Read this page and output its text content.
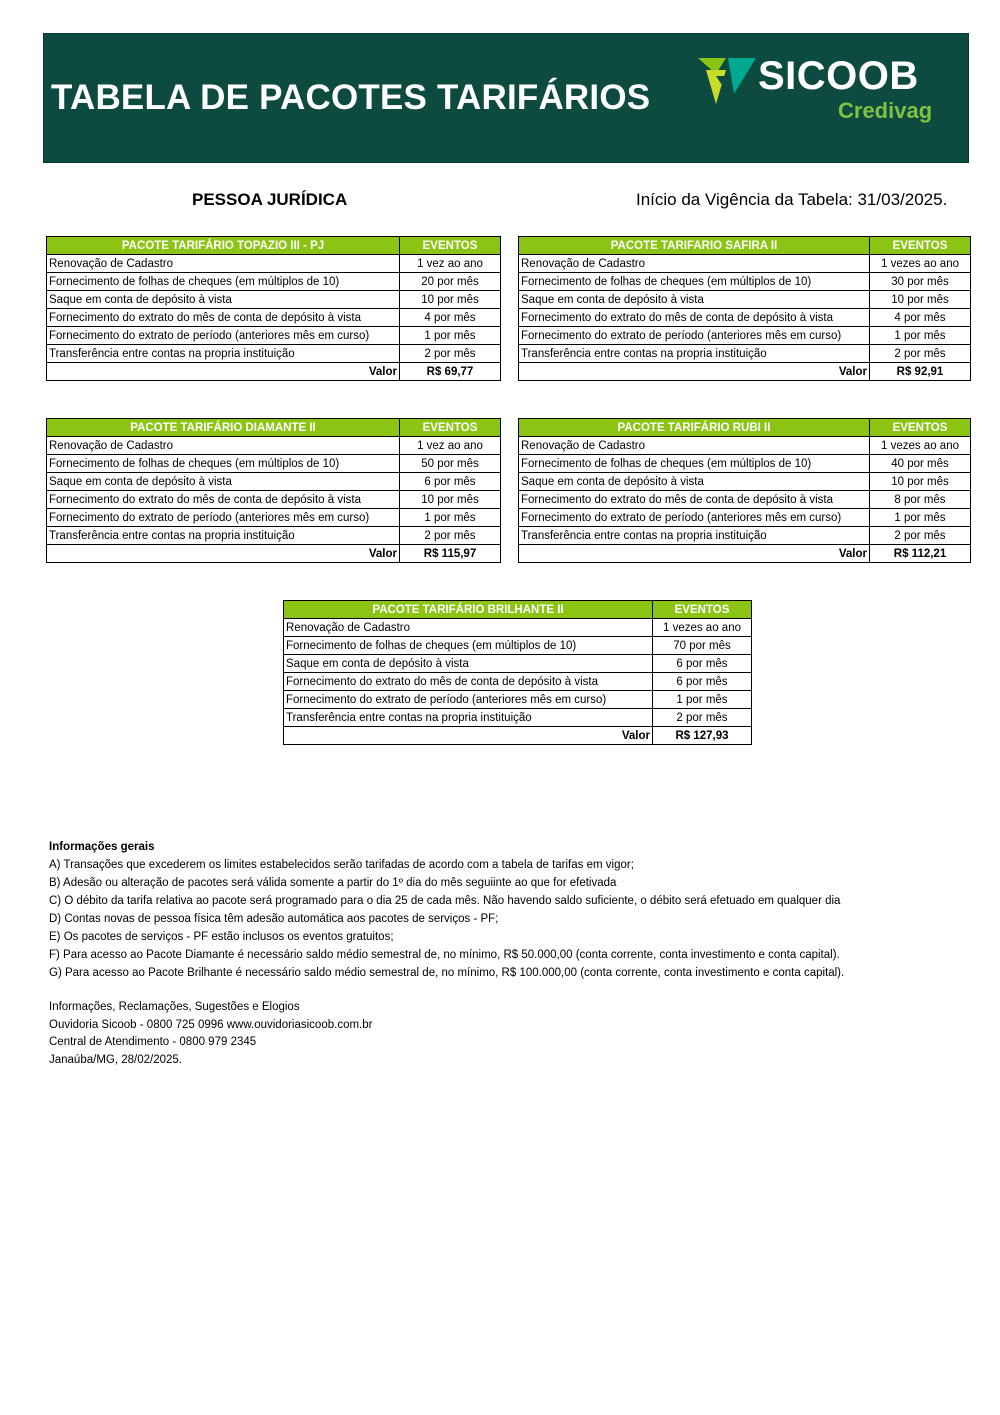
TABELA DE PACOTES TARIFÁRIOS	SICOOB
Credivag
PESSOA JURÍDICA	Início da Vigência da Tabela: 31/03/2025.
PACOTE TARIFÁRIO TOPAZIO III - PJ	EVENTOS
Renovação de Cadastro	1 vez ao ano
Fornecimento de folhas de cheques (em múltiplos de 10)	20 por mês
Saque em conta de depósito à vista	10 por mês
Fornecimento do extrato do mês de conta de depósito à vista	4 por mês
Fornecimento do extrato de período (anteriores mês em curso)	1 por mês
Transferência entre contas na propria instituição	2 por mês
Valor	R$ 69,77
PACOTE TARIFARIO SAFIRA II	EVENTOS
Renovação de Cadastro	1 vezes ao ano
Fornecimento de folhas de cheques (em múltiplos de 10)	30 por mês
Saque em conta de depósito à vista	10 por mês
Fornecimento do extrato do mês de conta de depósito à vista	4 por mês
Fornecimento do extrato de período (anteriores mês em curso)	1 por mês
Transferência entre contas na propria instituição	2 por mês
Valor	R$ 92,91
PACOTE TARIFÁRIO DIAMANTE II	EVENTOS
Renovação de Cadastro	1 vez ao ano
Fornecimento de folhas de cheques (em múltiplos de 10)	50 por mês
Saque em conta de depósito à vista	6 por mês
Fornecimento do extrato do mês de conta de depósito à vista	10 por mês
Fornecimento do extrato de período (anteriores mês em curso)	1 por mês
Transferência entre contas na propria instituição	2 por mês
Valor	R$ 115,97
PACOTE TARIFÁRIO RUBI II	EVENTOS
Renovação de Cadastro	1 vezes ao ano
Fornecimento de folhas de cheques (em múltiplos de 10)	40 por mês
Saque em conta de depósito à vista	10 por mês
Fornecimento do extrato do mês de conta de depósito à vista	8 por mês
Fornecimento do extrato de período (anteriores mês em curso)	1 por mês
Transferência entre contas na propria instituição	2 por mês
Valor	R$ 112,21
PACOTE TARIFÁRIO BRILHANTE II	EVENTOS
Renovação de Cadastro	1 vezes ao ano
Fornecimento de folhas de cheques (em múltiplos de 10)	70 por mês
Saque em conta de depósito à vista	6 por mês
Fornecimento do extrato do mês de conta de depósito à vista	6 por mês
Fornecimento do extrato de período (anteriores mês em curso)	1 por mês
Transferência entre contas na propria instituição	2 por mês
Valor	R$ 127,93
Informações gerais
A) Transações que excederem os limites estabelecidos serão tarifadas de acordo com a tabela de tarifas em vigor;
B) Adesão ou alteração de pacotes será válida somente a partir do 1º dia do mês seguiinte ao que for efetivada
C) O débito da tarifa relativa ao pacote será programado para o dia 25 de cada mês. Não havendo saldo suficiente, o débito será efetuado em qualquer dia
D) Contas novas de pessoa física têm adesão automática aos pacotes de serviços - PF;
E) Os pacotes de serviços - PF estão inclusos os eventos gratuitos;
F) Para acesso ao Pacote Diamante é necessário saldo médio semestral de, no mínimo, R$ 50.000,00 (conta corrente, conta investimento e conta capital).
G) Para acesso ao Pacote Brilhante é necessário saldo médio semestral de, no mínimo, R$ 100.000,00 (conta corrente, conta investimento e conta capital).
Informações, Reclamações, Sugestões e Elogios
Ouvidoria Sicoob - 0800 725 0996 www.ouvidoriasicoob.com.br
Central de Atendimento - 0800 979 2345
Janaúba/MG, 28/02/2025.
